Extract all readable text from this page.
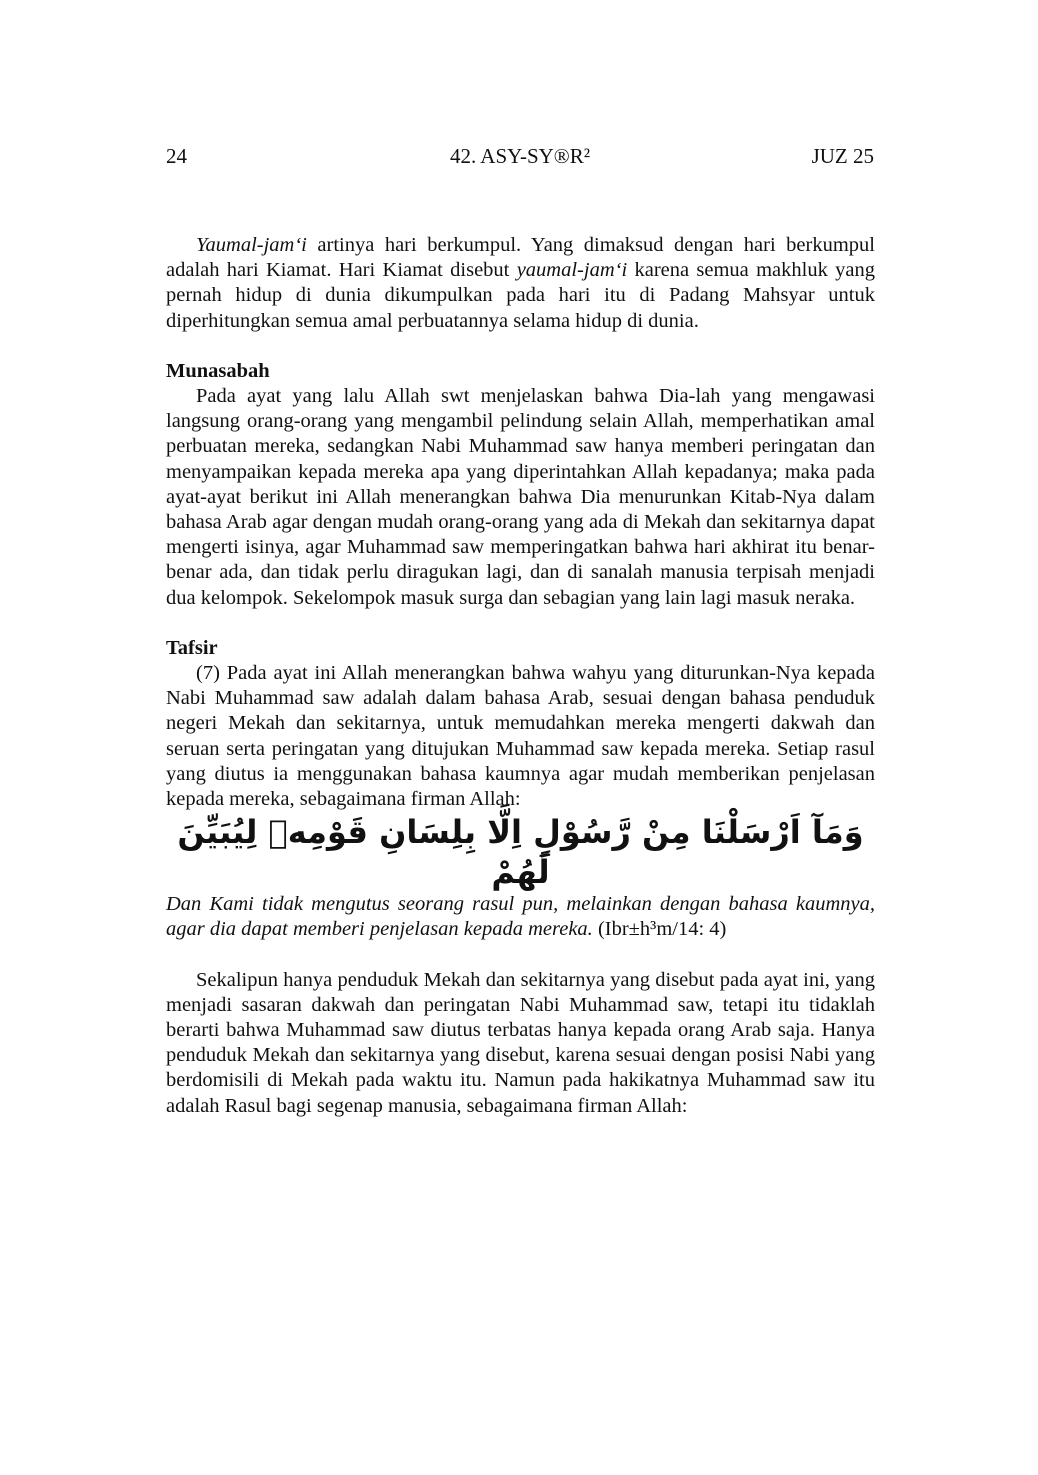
24	42. ASY-SY®R²	JUZ 25

Yaumal-jam‘i artinya hari berkumpul. Yang dimaksud dengan hari berkumpul adalah hari Kiamat. Hari Kiamat disebut yaumal-jam‘i karena semua makhluk yang pernah hidup di dunia dikumpulkan pada hari itu di Padang Mahsyar untuk diperhitungkan semua amal perbuatannya selama hidup di dunia.

Munasabah

Pada ayat yang lalu Allah swt menjelaskan bahwa Dia-lah yang mengawasi langsung orang-orang yang mengambil pelindung selain Allah, memperhatikan amal perbuatan mereka, sedangkan Nabi Muhammad saw hanya memberi peringatan dan menyampaikan kepada mereka apa yang diperintahkan Allah kepadanya; maka pada ayat-ayat berikut ini Allah menerangkan bahwa Dia menurunkan Kitab-Nya dalam bahasa Arab agar dengan mudah orang-orang yang ada di Mekah dan sekitarnya dapat mengerti isinya, agar Muhammad saw memperingatkan bahwa hari akhirat itu benar-benar ada, dan tidak perlu diragukan lagi, dan di sanalah manusia terpisah menjadi dua kelompok. Sekelompok masuk surga dan sebagian yang lain lagi masuk neraka.

Tafsir

(7) Pada ayat ini Allah menerangkan bahwa wahyu yang diturunkan-Nya kepada Nabi Muhammad saw adalah dalam bahasa Arab, sesuai dengan bahasa penduduk negeri Mekah dan sekitarnya, untuk memudahkan mereka mengerti dakwah dan seruan serta peringatan yang ditujukan Muhammad saw kepada mereka. Setiap rasul yang diutus ia menggunakan bahasa kaumnya agar mudah memberikan penjelasan kepada mereka, sebagaimana firman Allah:

وَمَآ اَرْسَلْنَا مِنْ رَّسُوْلٍ اِلَّا بِلِسَانِ قَوْمِهٖ لِيُبَيِّنَ لَهُمْ

Dan Kami tidak mengutus seorang rasul pun, melainkan dengan bahasa kaumnya, agar dia dapat memberi penjelasan kepada mereka. (Ibr±h³m/14: 4)

Sekalipun hanya penduduk Mekah dan sekitarnya yang disebut pada ayat ini, yang menjadi sasaran dakwah dan peringatan Nabi Muhammad saw, tetapi itu tidaklah berarti bahwa Muhammad saw diutus terbatas hanya kepada orang Arab saja. Hanya penduduk Mekah dan sekitarnya yang disebut, karena sesuai dengan posisi Nabi yang berdomisili di Mekah pada waktu itu. Namun pada hakikatnya Muhammad saw itu adalah Rasul bagi segenap manusia, sebagaimana firman Allah:
